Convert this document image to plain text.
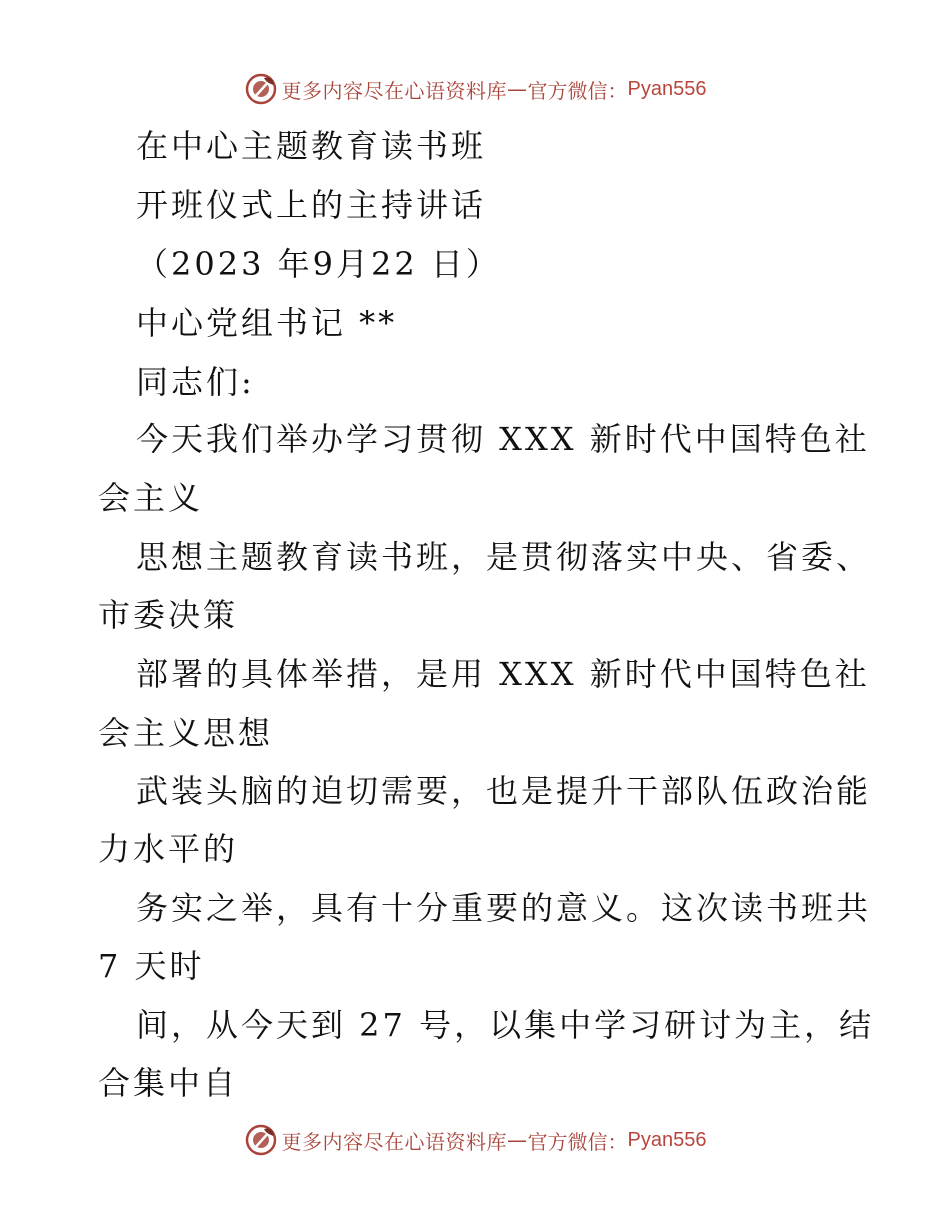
更多内容尽在心语资料库 — 官方微信： Pyan556
在中心主题教育读书班
开班仪式上的主持讲话
（2023 年9月22 日）
中心党组书记 **
同志们:
今天我们举办学习贯彻 XXX 新时代中国特色社
会主义
思想主题教育读书班，是贯彻落实中央、省委、
市委决策
部署的具体举措，是用 XXX 新时代中国特色社
会主义思想
武装头脑的迫切需要，也是提升干部队伍政治能
力水平的
务实之举，具有十分重要的意义。这次读书班共
7 天时
间，从今天到 27 号，以集中学习研讨为主，结
合集中自
更多内容尽在心语资料库 — 官方微信： Pyan556
